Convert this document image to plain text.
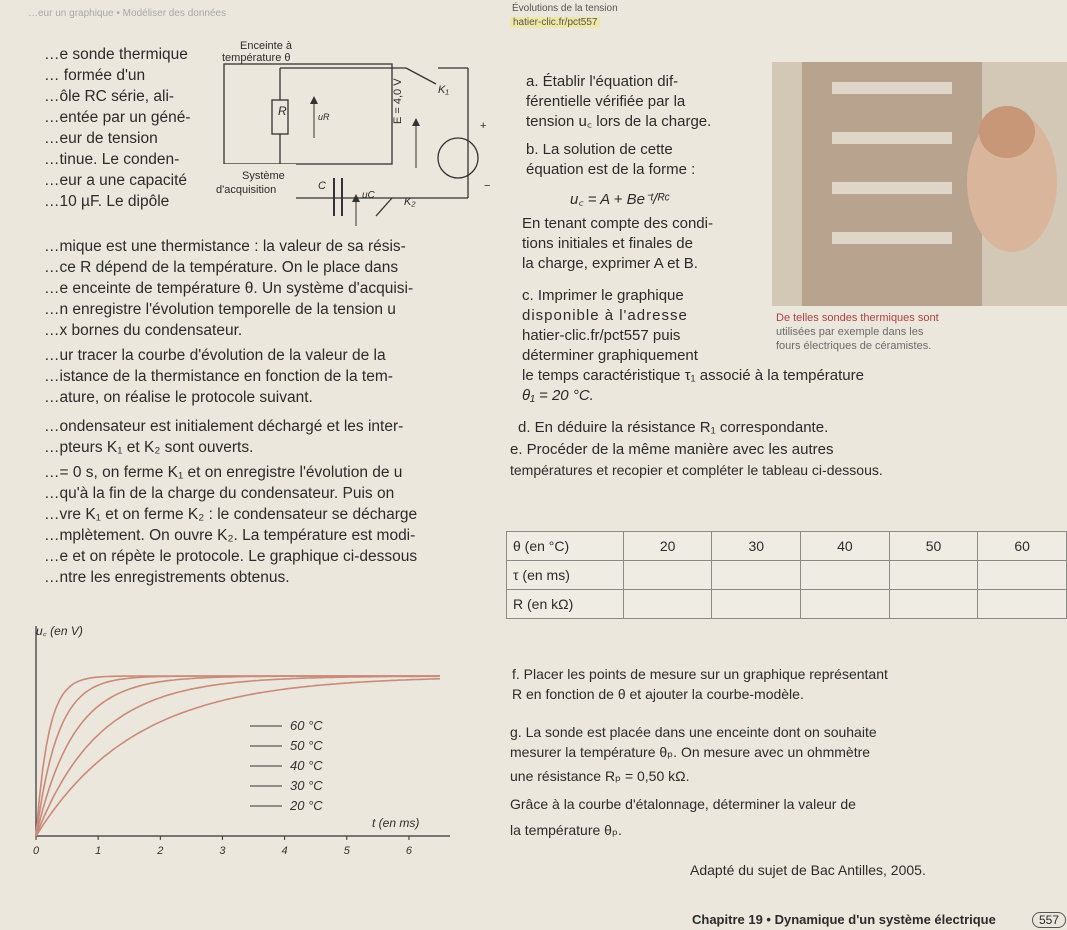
…eur un graphique • Modéliser des données	Évolutions de la tension
hatier-clic.fr/pct557
…e sonde thermique
… formée d'un
…ôle RC série, ali-
…entée par un géné-
…eur de tension
…tinue. Le conden-
…eur a une capacité
…10 µF. Le dipôle
…mique est une thermistance : la valeur de sa résis-
…ce R dépend de la température. On le place dans
…e enceinte de température θ. Un système d'acquisi-
…n enregistre l'évolution temporelle de la tension u
…x bornes du condensateur.
…ur tracer la courbe d'évolution de la valeur de la
…istance de la thermistance en fonction de la tem-
…ature, on réalise le protocole suivant.
…ondensateur est initialement déchargé et les inter-
…pteurs K₁ et K₂ sont ouverts.
…= 0 s, on ferme K₁ et on enregistre l'évolution de u
…qu'à la fin de la charge du condensateur. Puis on
…vre K₁ et on ferme K₂ : le condensateur se décharge
…mplètement. On ouvre K₂. La température est modi-
…e et on répète le protocole. Le graphique ci-dessous
…ntre les enregistrements obtenus.
Enceinte à
température θ
R	uR
K₁
+
−
E = 4,0 V
Système
d'acquisition	C
uC
K₂
a. Établir l'équation dif-
férentielle vérifiée par la
tension u꜀ lors de la charge.
b. La solution de cette
équation est de la forme :
u꜀ = A + Be⁻ᵗ/ᴿᶜ
En tenant compte des condi-
tions initiales et finales de
la charge, exprimer A et B.
c. Imprimer le graphique
disponible à l'adresse
hatier-clic.fr/pct557 puis
déterminer graphiquement
le temps caractéristique τ₁ associé à la température
θ₁ = 20 °C.
d. En déduire la résistance R₁ correspondante.
e. Procéder de la même manière avec les autres
températures et recopier et compléter le tableau ci-dessous.
De telles sondes thermiques sont
utilisées par exemple dans les
fours électriques de céramistes.
θ (en °C)	20	30	40	50	60
τ (en ms)					
R (en kΩ)					
f. Placer les points de mesure sur un graphique représentant
R en fonction de θ et ajouter la courbe-modèle.
g. La sonde est placée dans une enceinte dont on souhaite
mesurer la température θₚ. On mesure avec un ohmmètre
une résistance Rₚ = 0,50 kΩ.
Grâce à la courbe d'étalonnage, déterminer la valeur de
la température θₚ.
0	1	2	3	4	5	6
60 °C
50 °C
40 °C
30 °C
20 °C
u꜀ (en V)
t (en ms)
Adapté du sujet de Bac Antilles, 2005.
Chapitre 19 • Dynamique d'un système électrique	557
